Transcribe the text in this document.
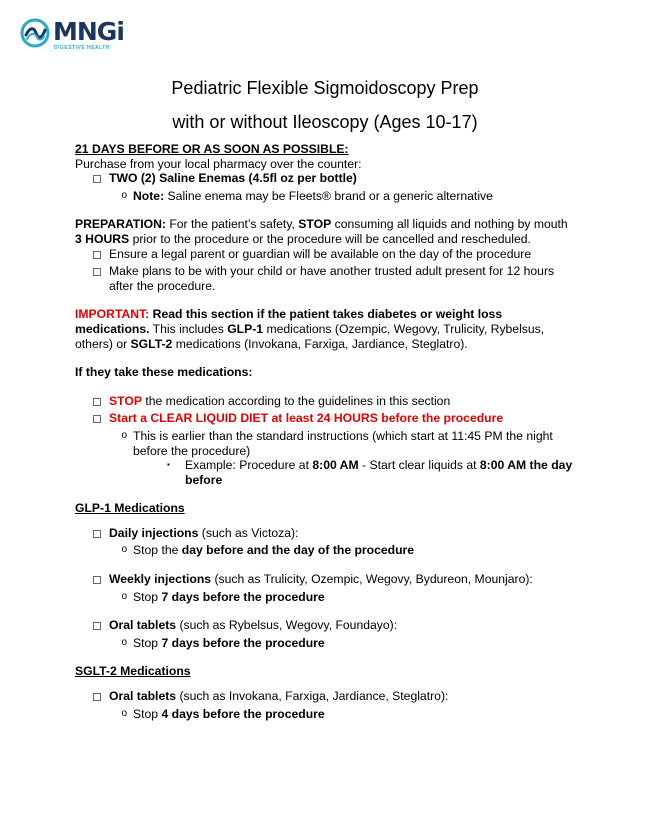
MNGi
DIGESTIVE HEALTH
Pediatric Flexible Sigmoidoscopy Prep
with or without Ileoscopy (Ages 10-17)

21 DAYS BEFORE OR AS SOON AS POSSIBLE:

Purchase from your local pharmacy over the counter:

TWO (2) Saline Enemas (4.5fl oz per bottle)
o Note: Saline enema may be Fleets® brand or a generic alternative

PREPARATION: For the patient’s safety, STOP consuming all liquids and nothing by mouth 3 HOURS prior to the procedure or the procedure will be cancelled and rescheduled.

Ensure a legal parent or guardian will be available on the day of the procedure
Make plans to be with your child or have another trusted adult present for 12 hours after the procedure.

IMPORTANT: Read this section if the patient takes diabetes or weight loss medications. This includes GLP-1 medications (Ozempic, Wegovy, Trulicity, Rybelsus, others) or SGLT-2 medications (Invokana, Farxiga, Jardiance, Steglatro).

If they take these medications:

STOP the medication according to the guidelines in this section
Start a CLEAR LIQUID DIET at least 24 HOURS before the procedure
o This is earlier than the standard instructions (which start at 11:45 PM the night before the procedure)
▪	Example: Procedure at 8:00 AM - Start clear liquids at 8:00 AM the day before

GLP-1 Medications

Daily injections (such as Victoza):
o Stop the day before and the day of the procedure
Weekly injections (such as Trulicity, Ozempic, Wegovy, Bydureon, Mounjaro):
o Stop 7 days before the procedure
Oral tablets (such as Rybelsus, Wegovy, Foundayo):
o Stop 7 days before the procedure

SGLT-2 Medications

Oral tablets (such as Invokana, Farxiga, Jardiance, Steglatro):
o Stop 4 days before the procedure
